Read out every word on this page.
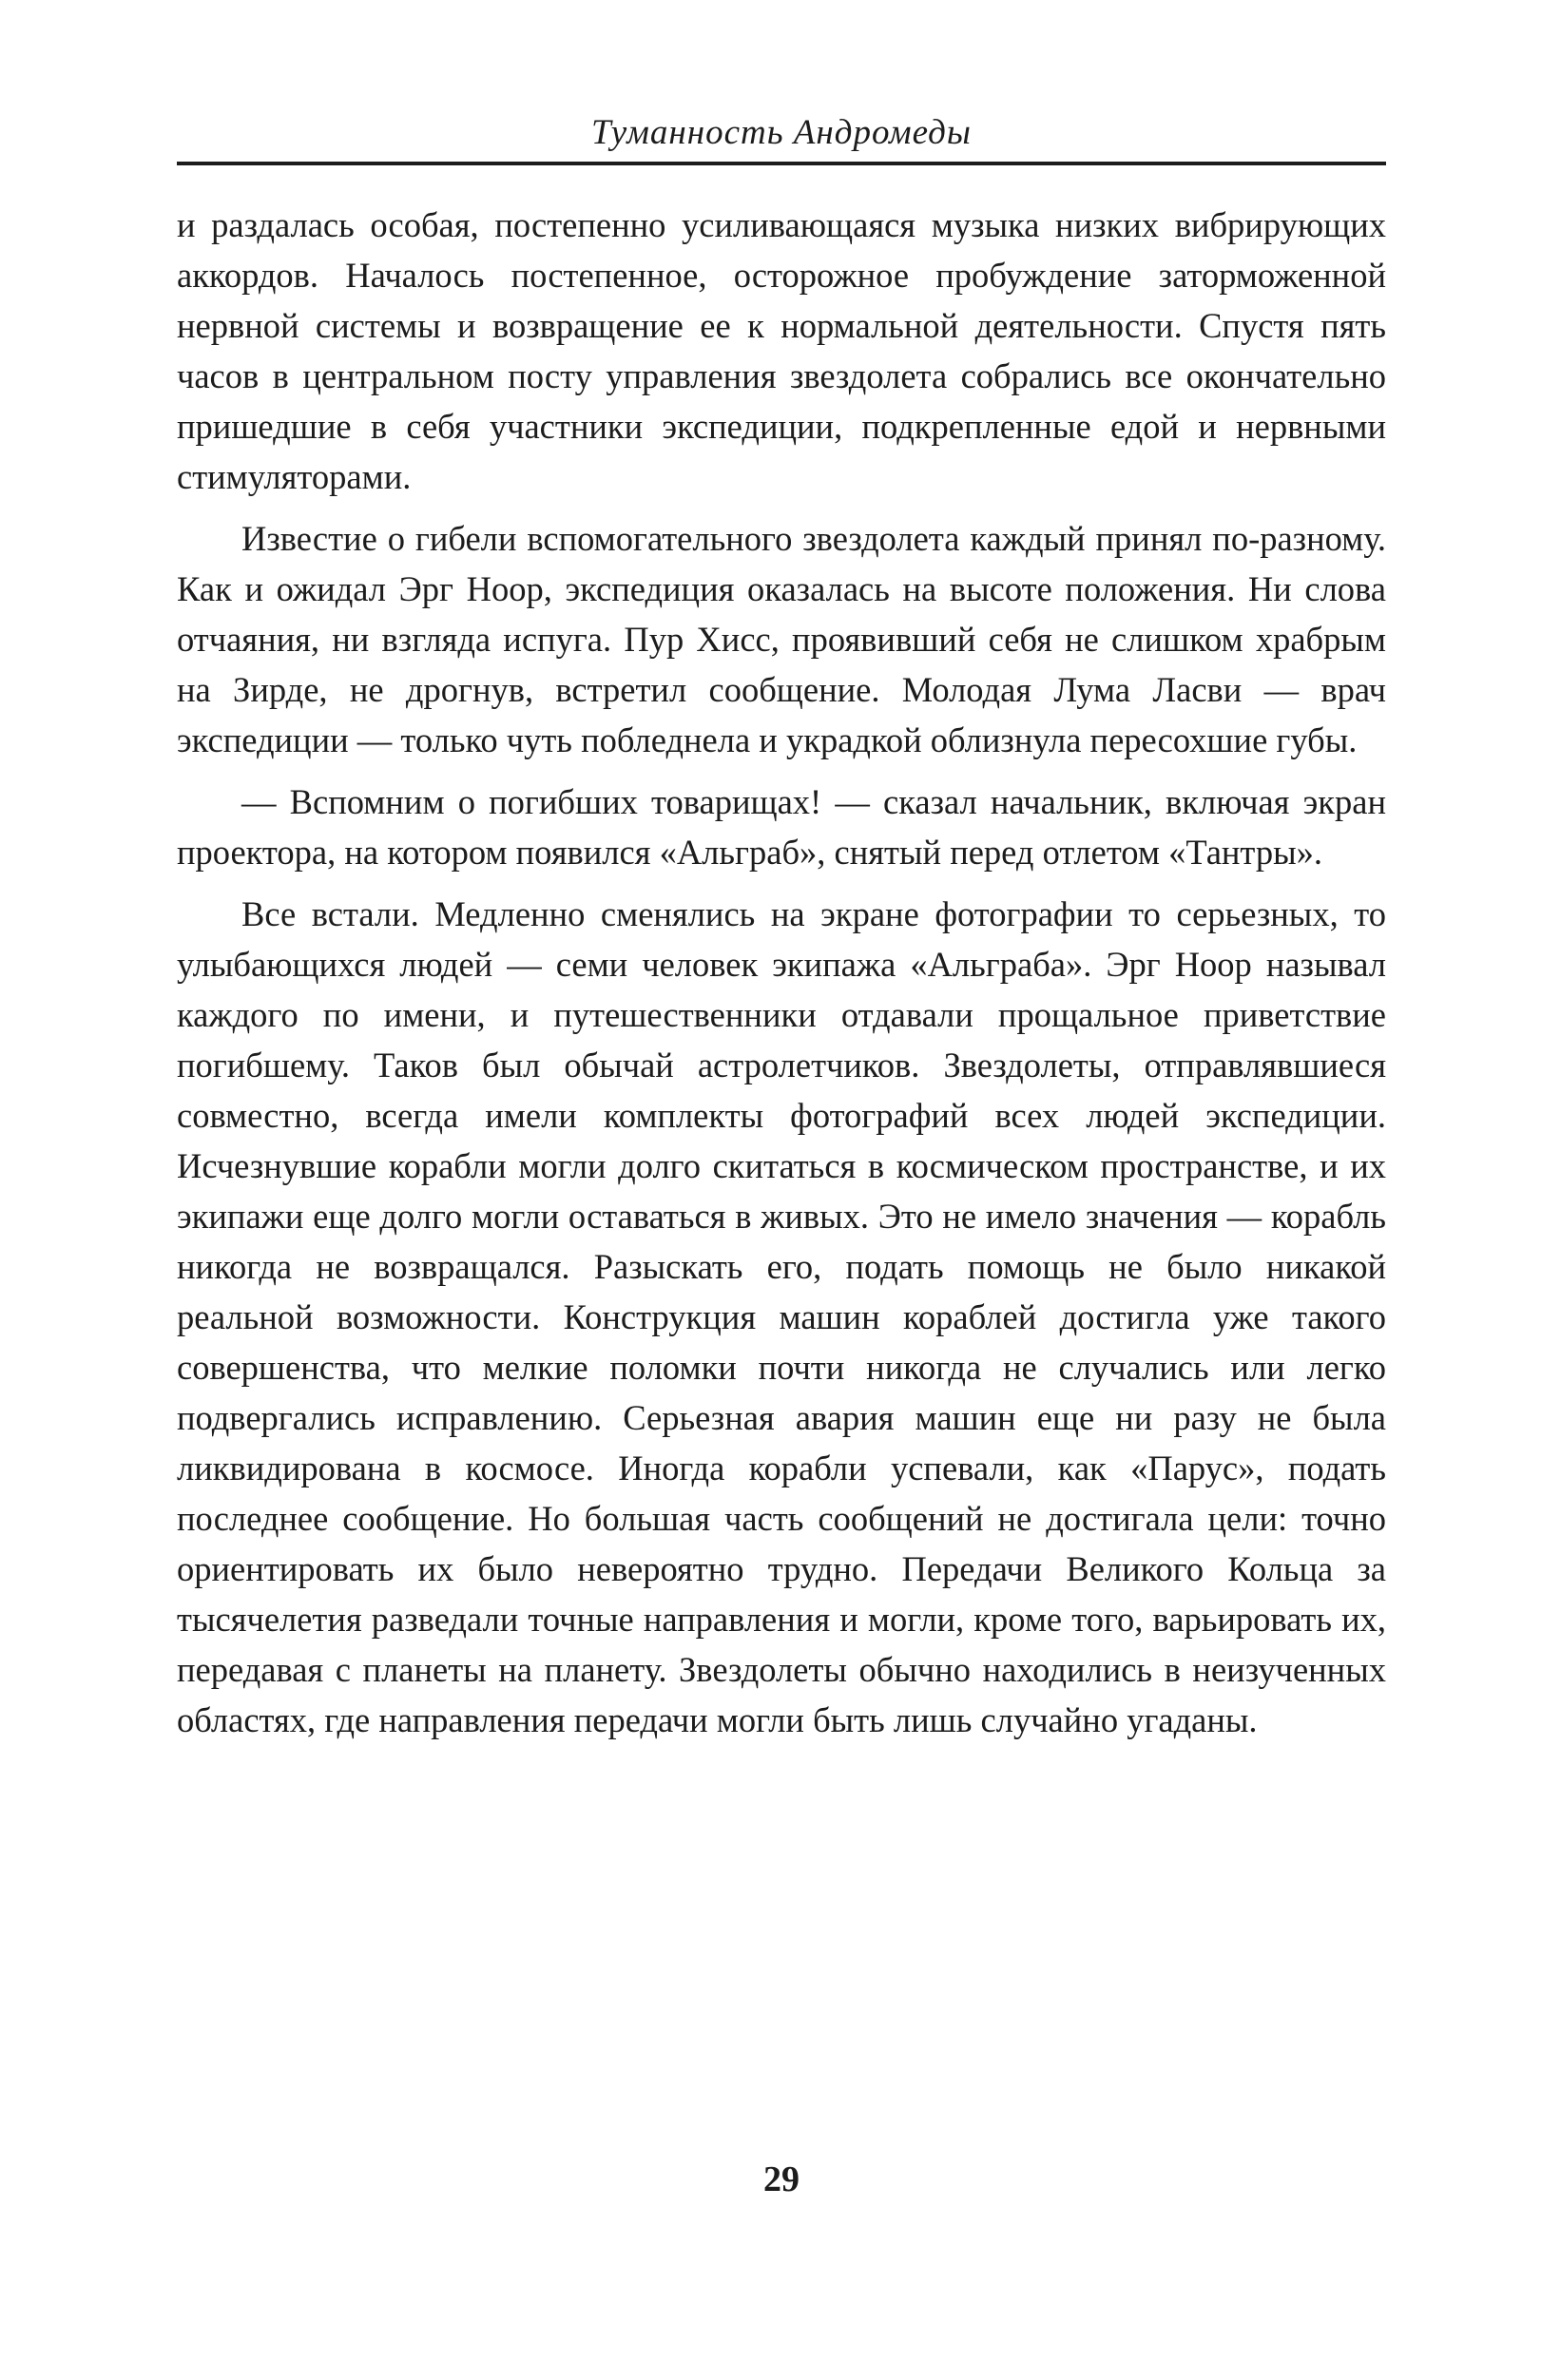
Туманность Андромеды

и раздалась особая, постепенно усиливающаяся музыка низких вибрирующих аккордов. Началось постепенное, осторожное пробуждение заторможенной нервной системы и возвращение ее к нормальной деятельности. Спустя пять часов в центральном посту управления звездолета собрались все окончательно пришедшие в себя участники экспедиции, подкрепленные едой и нервными стимуляторами.

Известие о гибели вспомогательного звездолета каждый принял по-разному. Как и ожидал Эрг Ноор, экспедиция оказалась на высоте положения. Ни слова отчаяния, ни взгляда испуга. Пур Хисс, проявивший себя не слишком храбрым на Зирде, не дрогнув, встретил сообщение. Молодая Лума Ласви — врач экспедиции — только чуть побледнела и украдкой облизнула пересохшие губы.

— Вспомним о погибших товарищах! — сказал начальник, включая экран проектора, на котором появился «Альграб», снятый перед отлетом «Тантры».

Все встали. Медленно сменялись на экране фотографии то серьезных, то улыбающихся людей — семи человек экипажа «Альграба». Эрг Ноор называл каждого по имени, и путешественники отдавали прощальное приветствие погибшему. Таков был обычай астролетчиков. Звездолеты, отправлявшиеся совместно, всегда имели комплекты фотографий всех людей экспедиции. Исчезнувшие корабли могли долго скитаться в космическом пространстве, и их экипажи еще долго могли оставаться в живых. Это не имело значения — корабль никогда не возвращался. Разыскать его, подать помощь не было никакой реальной возможности. Конструкция машин кораблей достигла уже такого совершенства, что мелкие поломки почти никогда не случались или легко подвергались исправлению. Серьезная авария машин еще ни разу не была ликвидирована в космосе. Иногда корабли успевали, как «Парус», подать последнее сообщение. Но большая часть сообщений не достигала цели: точно ориентировать их было невероятно трудно. Передачи Великого Кольца за тысячелетия разведали точные направления и могли, кроме того, варьировать их, передавая с планеты на планету. Звездолеты обычно находились в неизученных областях, где направления передачи могли быть лишь случайно угаданы.

29
